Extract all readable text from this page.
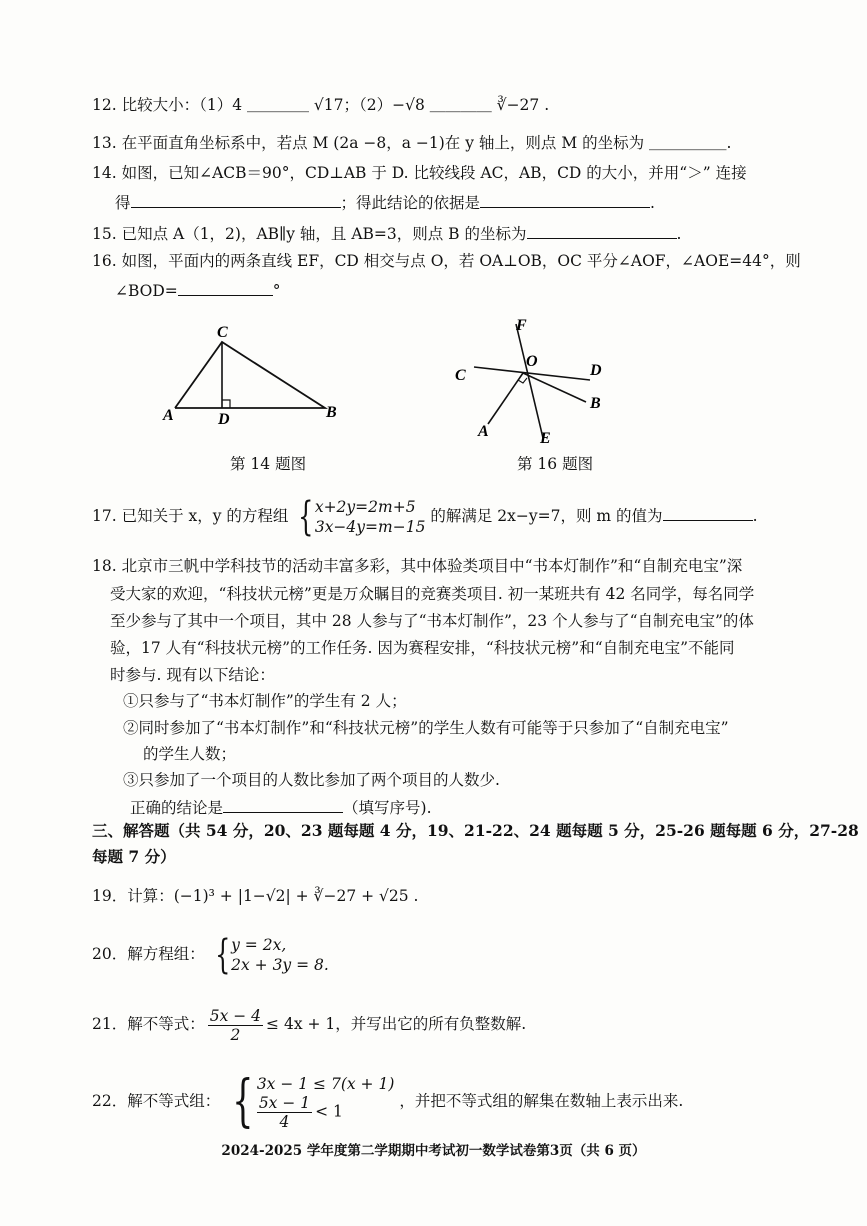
12. 比较大小：（1）4 ＿＿＿＿ √17；（2）−√8 ＿＿＿＿ ∛−27 .
13. 在平面直角坐标系中，若点 M (2a −8，a −1)在 y 轴上，则点 M 的坐标为 ＿＿＿＿＿.
14. 如图，已知∠ACB＝90°，CD⊥AB 于 D. 比较线段 AC，AB，CD 的大小，并用“＞” 连接
得	；得此结论的依据是	.
15. 已知点 A（1，2)，AB∥y 轴，且 AB=3，则点 B 的坐标为	.
16. 如图，平面内的两条直线 EF，CD 相交与点 O，若 OA⊥OB，OC 平分∠AOF，∠AOE=44°，则
∠BOD=	°
C
A	D	B
第 14 题图
F
O
D
C
B
A	E
第 16 题图
17. 已知关于 x，y 的方程组 { x+2y=2m+5
3x−4y=m−15
的解满足 2x−y=7，则 m 的值为	.
18. 北京市三帆中学科技节的活动丰富多彩，其中体验类项目中“书本灯制作”和“自制充电宝”深
受大家的欢迎，“科技状元榜”更是万众瞩目的竞赛类项目. 初一某班共有 42 名同学，每名同学
至少参与了其中一个项目，其中 28 人参与了“书本灯制作”，23 个人参与了“自制充电宝”的体
验，17 人有“科技状元榜”的工作任务. 因为赛程安排，“科技状元榜”和“自制充电宝”不能同
时参与. 现有以下结论：
①只参与了“书本灯制作”的学生有 2 人；
②同时参加了“书本灯制作”和“科技状元榜”的学生人数有可能等于只参加了“自制充电宝”
的学生人数；
③只参加了一个项目的人数比参加了两个项目的人数少.
正确的结论是	（填写序号).
三、解答题（共 54 分，20、23 题每题 4 分，19、21-22、24 题每题 5 分，25-26 题每题 6 分，27-28
每题 7 分）
19．计算：(−1)³ + |1−√2| + ∛−27 + √25 .
20．解方程组： { y = 2x,
2x + 3y = 8.
21．解不等式： $\frac{5x - 4}{2} \le 4x + 1$，并写出它的所有负整数解.
22．解不等式组： { 3x − 1 ≤ 7(x + 1)
$\frac{5x - 1}{4} < 1$
，并把不等式组的解集在数轴上表示出来.
2024-2025 学年度第二学期期中考试初一数学试卷第3页（共 6 页）
